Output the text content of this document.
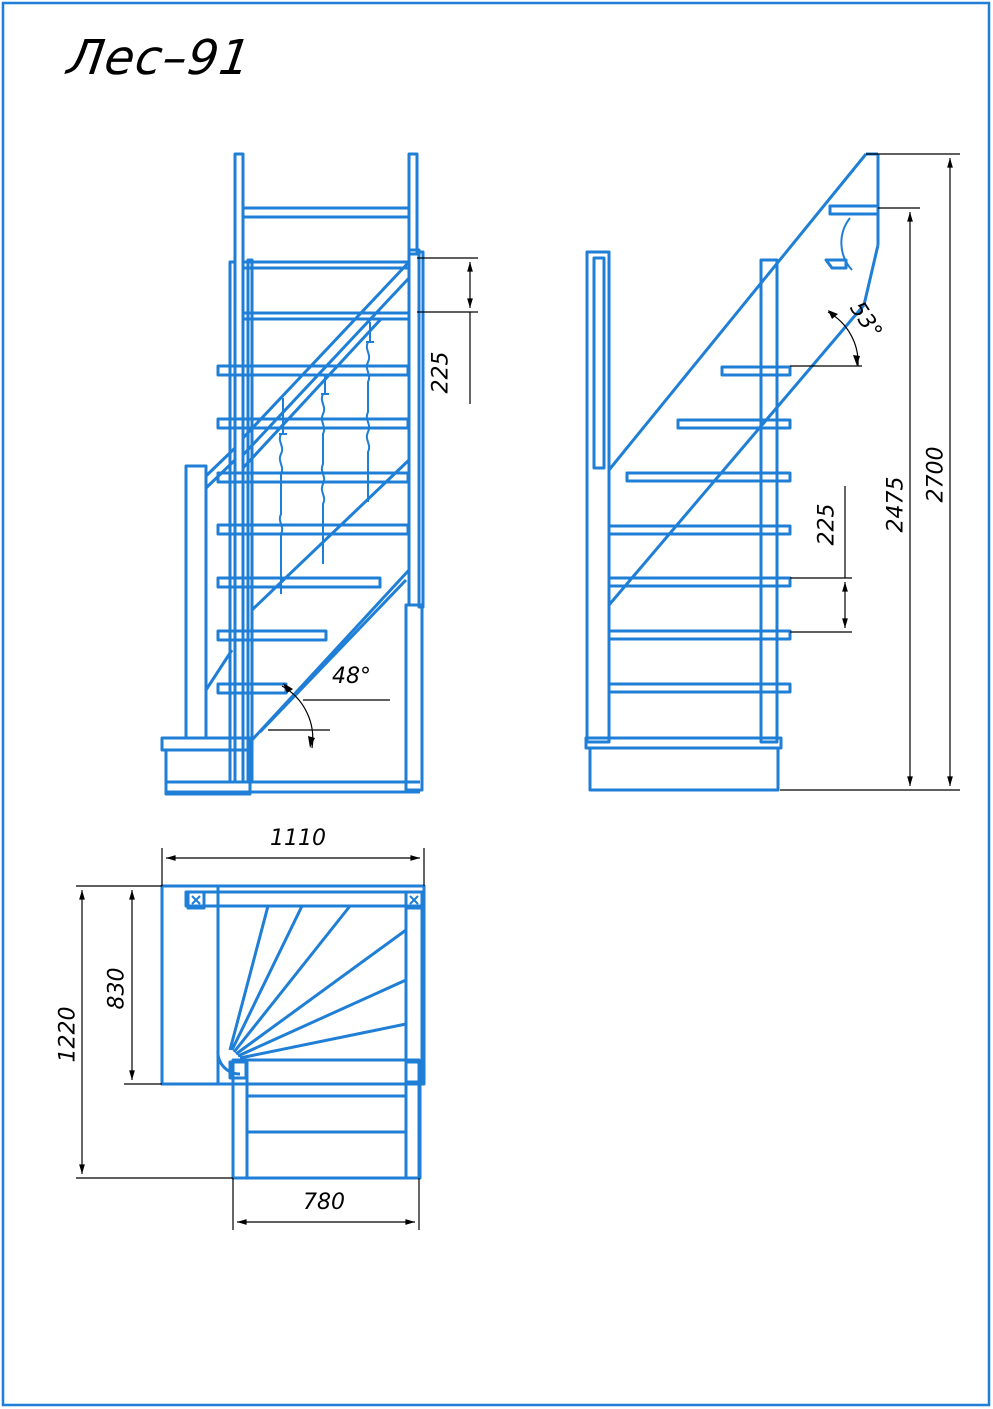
Лес–91
225
48°
225
53°
2475
2700
1110
780
1220
830
